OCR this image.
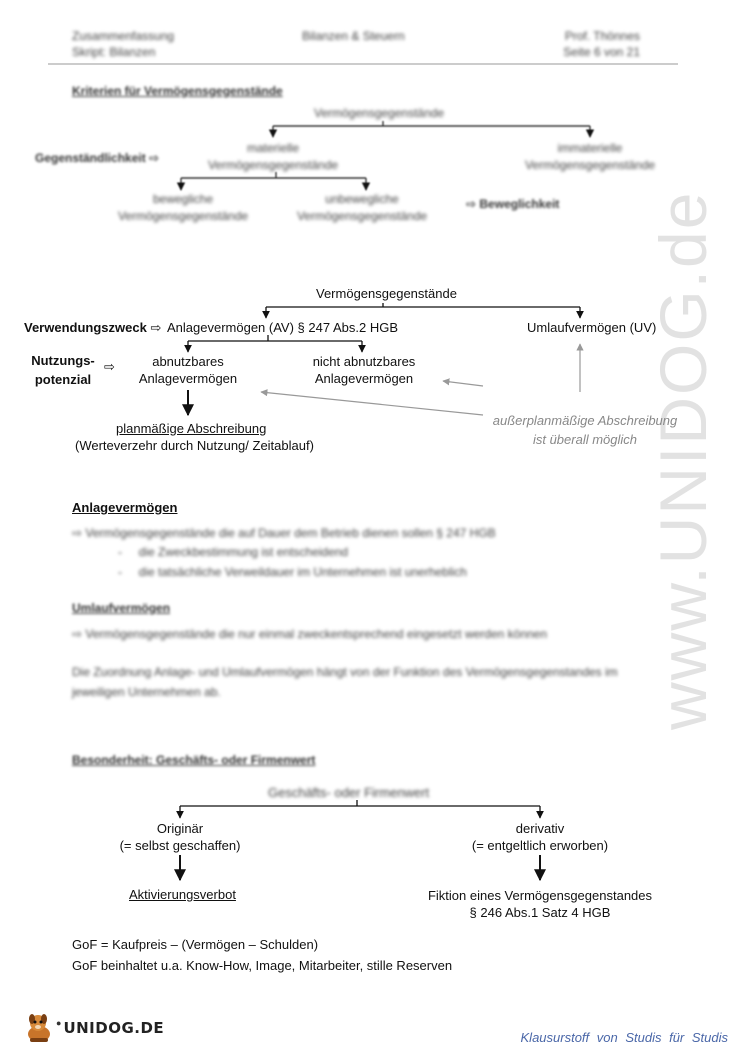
www.UNIDOG.de
Zusammenfassung
Skript: Bilanzen
Bilanzen & Steuern	Prof. Thönnes
Seite 6 von 21
Kriterien für Vermögensgegenstände
Vermögensgegenstände
materielle
Vermögensgegenstände
immaterielle
Vermögensgegenstände
Gegenständlichkeit ⇨
bewegliche
Vermögensgegenstände
unbewegliche
Vermögensgegenstände
⇨ Beweglichkeit
Vermögensgegenstände
Verwendungszweck ⇨ Anlagevermögen (AV) § 247 Abs.2 HGB	Umlaufvermögen (UV)
Nutzungs-
potenzial
⇨	abnutzbares
Anlagevermögen
nicht abnutzbares
Anlagevermögen
planmäßige Abschreibung
(Werteverzehr durch Nutzung/ Zeitablauf)
außerplanmäßige Abschreibung
ist überall möglich
Anlagevermögen
⇨ Vermögensgegenstände die auf Dauer dem Betrieb dienen sollen § 247 HGB
-     die Zweckbestimmung ist entscheidend
-     die tatsächliche Verweildauer im Unternehmen ist unerheblich
Umlaufvermögen
⇨ Vermögensgegenstände die nur einmal zweckentsprechend eingesetzt werden können
Die Zuordnung Anlage- und Umlaufvermögen hängt von der Funktion des Vermögensgegenstandes im
jeweiligen Unternehmen ab.
Besonderheit: Geschäfts- oder Firmenwert
Geschäfts- oder Firmenwert
Originär
(= selbst geschaffen)
derivativ
(= entgeltlich erworben)
Aktivierungsverbot	Fiktion eines Vermögensgegenstandes
§ 246 Abs.1 Satz 4 HGB
GoF = Kaufpreis – (Vermögen – Schulden)
GoF beinhaltet u.a. Know-How, Image, Mitarbeiter, stille Reserven
● UNIDOG.DE
Klausurstoff von Studis für Studis
